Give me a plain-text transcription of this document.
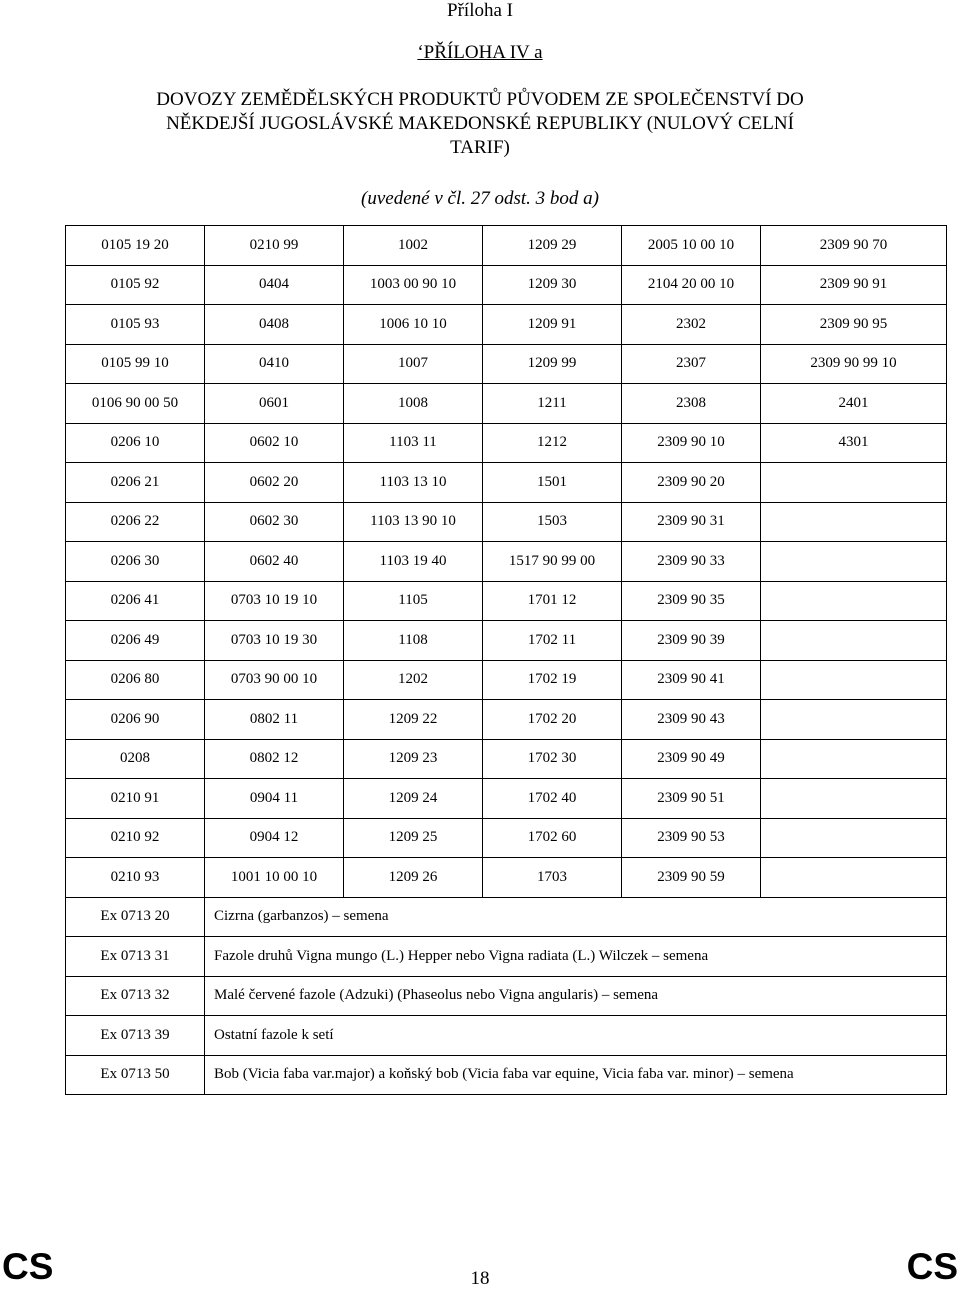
Příloha I
‘PŘÍLOHA IV a
DOVOZY ZEMĚDĚLSKÝCH PRODUKTŮ PŮVODEM ZE SPOLEČENSTVÍ DO
NĚKDEJŠÍ JUGOSLÁVSKÉ MAKEDONSKÉ REPUBLIKY (NULOVÝ CELNÍ
TARIF)
(uvedené v čl. 27 odst. 3 bod a)
0105 19 20	0210 99	1002	1209 29	2005 10 00 10	2309 90 70
0105 92	0404	1003 00 90 10	1209 30	2104 20 00 10	2309 90 91
0105 93	0408	1006 10 10	1209 91	2302	2309 90 95
0105 99 10	0410	1007	1209 99	2307	2309 90 99 10
0106 90 00 50	0601	1008	1211	2308	2401
0206 10	0602 10	1103 11	1212	2309 90 10	4301
0206 21	0602 20	1103 13 10	1501	2309 90 20	
0206 22	0602 30	1103 13 90 10	1503	2309 90 31	
0206 30	0602 40	1103 19 40	1517 90 99 00	2309 90 33	
0206 41	0703 10 19 10	1105	1701 12	2309 90 35	
0206 49	0703 10 19 30	1108	1702 11	2309 90 39	
0206 80	0703 90 00 10	1202	1702 19	2309 90 41	
0206 90	0802 11	1209 22	1702 20	2309 90 43	
0208	0802 12	1209 23	1702 30	2309 90 49	
0210 91	0904 11	1209 24	1702 40	2309 90 51	
0210 92	0904 12	1209 25	1702 60	2309 90 53	
0210 93	1001 10 00 10	1209 26	1703	2309 90 59	
Ex 0713 20	Cizrna (garbanzos) – semena				
Ex 0713 31	Fazole druhů Vigna mungo (L.) Hepper nebo Vigna radiata (L.) Wilczek – semena				
Ex 0713 32	Malé červené fazole (Adzuki) (Phaseolus nebo Vigna angularis) – semena				
Ex 0713 39	Ostatní fazole k setí				
Ex 0713 50	Bob (Vicia faba var.major) a koňský bob (Vicia faba var equine, Vicia faba var. minor) – semena				
CS	18	CS
